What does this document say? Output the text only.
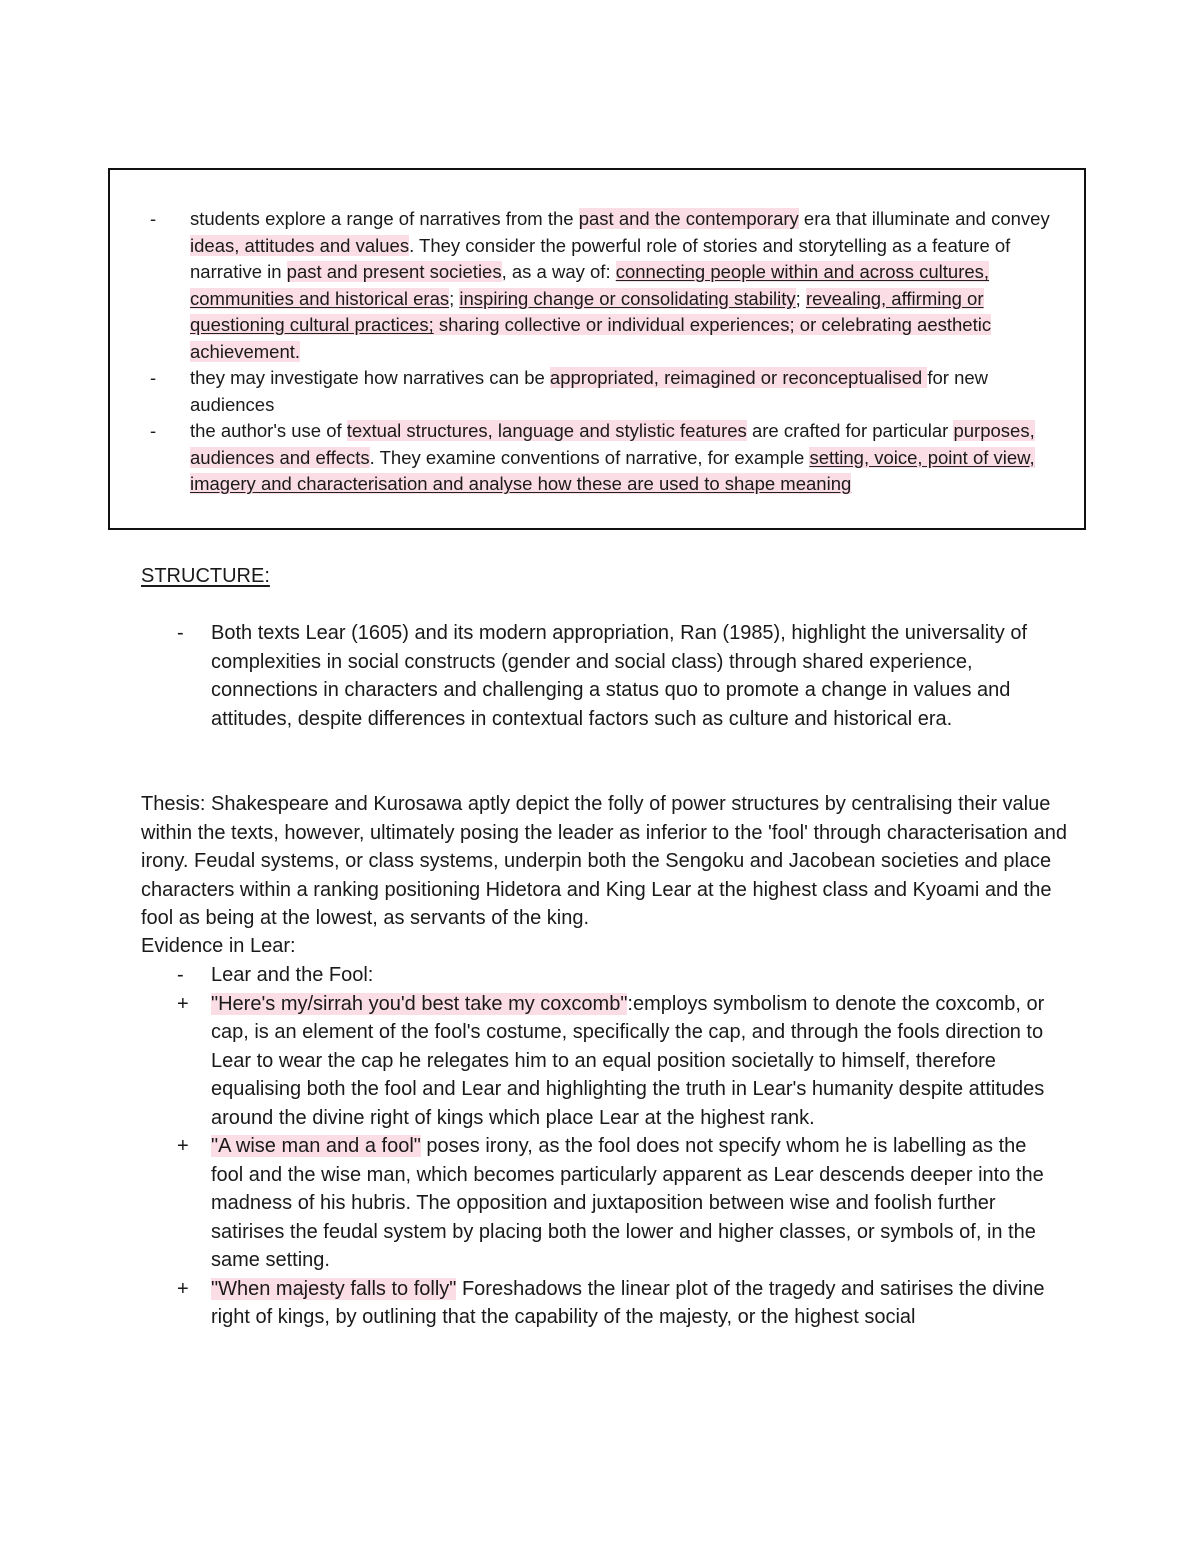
-	students explore a range of narratives from the past and the contemporary era that illuminate and convey ideas, attitudes and values. They consider the powerful role of stories and storytelling as a feature of narrative in past and present societies, as a way of: connecting people within and across cultures, communities and historical eras; inspiring change or consolidating stability; revealing, affirming or questioning cultural practices; sharing collective or individual experiences; or celebrating aesthetic achievement.
-	they may investigate how narratives can be appropriated, reimagined or reconceptualised for new audiences
-	the author's use of textual structures, language and stylistic features are crafted for particular purposes, audiences and effects. They examine conventions of narrative, for example setting, voice, point of view, imagery and characterisation and analyse how these are used to shape meaning
STRUCTURE:
-	Both texts Lear (1605) and its modern appropriation, Ran (1985), highlight the universality of complexities in social constructs (gender and social class) through shared experience, connections in characters and challenging a status quo to promote a change in values and attitudes, despite differences in contextual factors such as culture and historical era.

Thesis: Shakespeare and Kurosawa aptly depict the folly of power structures by centralising their value within the texts, however, ultimately posing the leader as inferior to the 'fool' through characterisation and irony. Feudal systems, or class systems, underpin both the Sengoku and Jacobean societies and place characters within a ranking positioning Hidetora and King Lear at the highest class and Kyoami and the fool as being at the lowest, as servants of the king.

Evidence in Lear:

-	Lear and the Fool:
+	"Here's my/sirrah you'd best take my coxcomb":employs symbolism to denote the coxcomb, or cap, is an element of the fool's costume, specifically the cap, and through the fools direction to Lear to wear the cap he relegates him to an equal position societally to himself, therefore equalising both the fool and Lear and highlighting the truth in Lear's humanity despite attitudes around the divine right of kings which place Lear at the highest rank.
+	"A wise man and a fool" poses irony, as the fool does not specify whom he is labelling as the fool and the wise man, which becomes particularly apparent as Lear descends deeper into the madness of his hubris. The opposition and juxtaposition between wise and foolish further satirises the feudal system by placing both the lower and higher classes, or symbols of, in the same setting.
+	"When majesty falls to folly" Foreshadows the linear plot of the tragedy and satirises the divine right of kings, by outlining that the capability of the majesty, or the highest social
